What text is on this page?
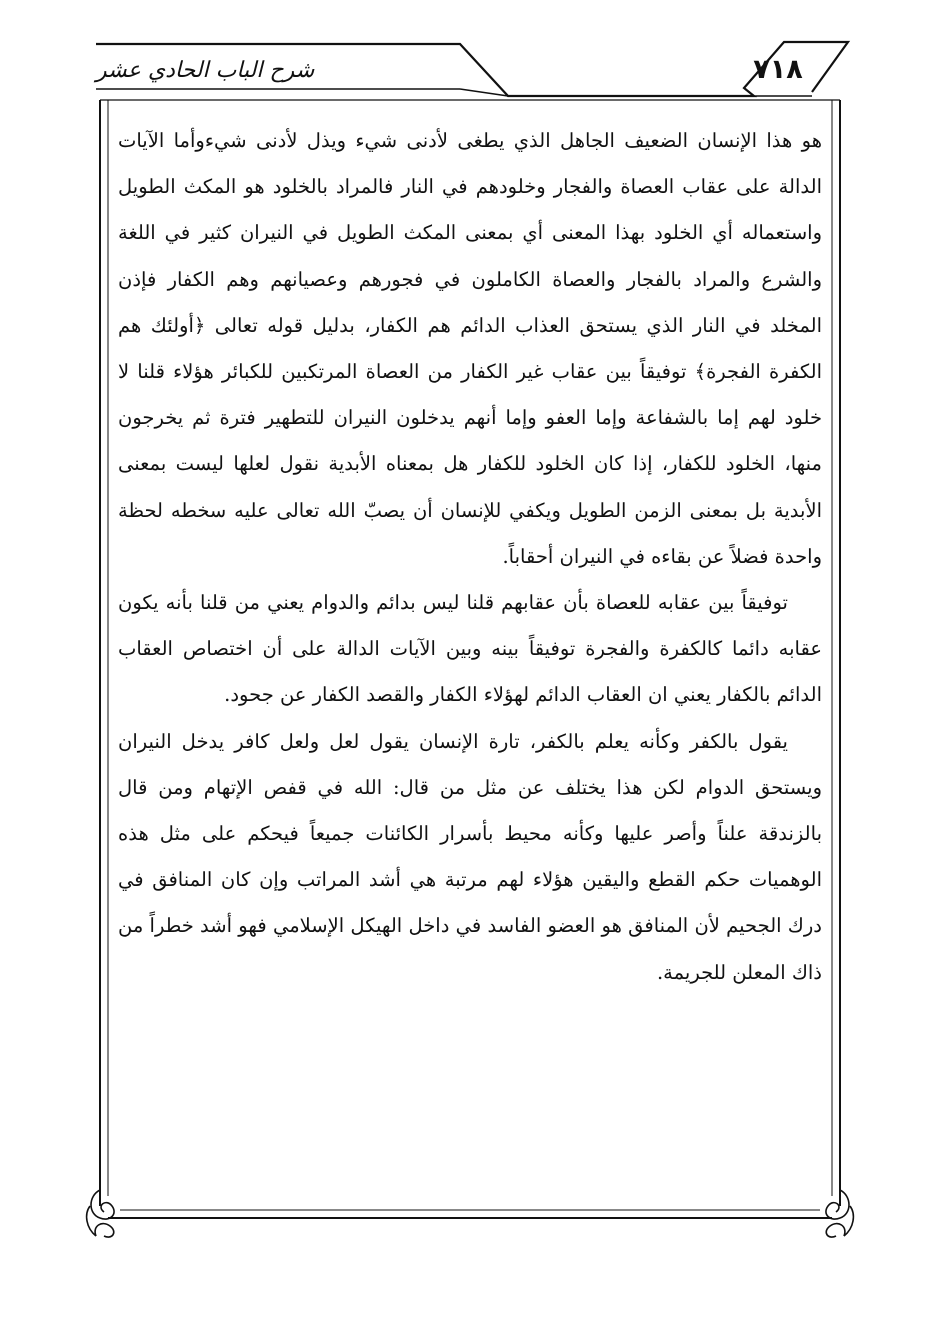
شرح الباب الحادي عشر	٧١٨

هو هذا الإنسان الضعيف الجاهل الذي يطغى لأدنى شيء ويذل لأدنى شيءوأما الآيات الدالة على عقاب العصاة والفجار وخلودهم في النار فالمراد بالخلود هو المكث الطويل واستعماله أي الخلود بهذا المعنى أي بمعنى المكث الطويل في النيران كثير في اللغة والشرع والمراد بالفجار والعصاة الكاملون في فجورهم وعصيانهم وهم الكفار فإذن المخلد في النار الذي يستحق العذاب الدائم هم الكفار، بدليل قوله تعالى ﴿أولئك هم الكفرة الفجرة﴾ توفيقاً بين عقاب غير الكفار من العصاة المرتكبين للكبائر هؤلاء قلنا لا خلود لهم إما بالشفاعة وإما العفو وإما أنهم يدخلون النيران للتطهير فترة ثم يخرجون منها، الخلود للكفار، إذا كان الخلود للكفار هل بمعناه الأبدية نقول لعلها ليست بمعنى الأبدية بل بمعنى الزمن الطويل ويكفي للإنسان أن يصبّ الله تعالى عليه سخطه لحظة واحدة فضلاً عن بقاءه في النيران أحقاباً.

توفيقاً بين عقابه للعصاة بأن عقابهم قلنا ليس بدائم والدوام يعني من قلنا بأنه يكون عقابه دائما كالكفرة والفجرة توفيقاً بينه وبين الآيات الدالة على أن اختصاص العقاب الدائم بالكفار يعني ان العقاب الدائم لهؤلاء الكفار والقصد الكفار عن جحود.

يقول بالكفر وكأنه يعلم بالكفر، تارة الإنسان يقول لعل ولعل كافر يدخل النيران ويستحق الدوام لكن هذا يختلف عن مثل من قال: الله في قفص الإتهام ومن قال بالزندقة علناً وأصر عليها وكأنه محيط بأسرار الكائنات جميعاً فيحكم على مثل هذه الوهميات حكم القطع واليقين هؤلاء لهم مرتبة هي أشد المراتب وإن كان المنافق في درك الجحيم لأن المنافق هو العضو الفاسد في داخل الهيكل الإسلامي فهو أشد خطراً من ذاك المعلن للجريمة.
